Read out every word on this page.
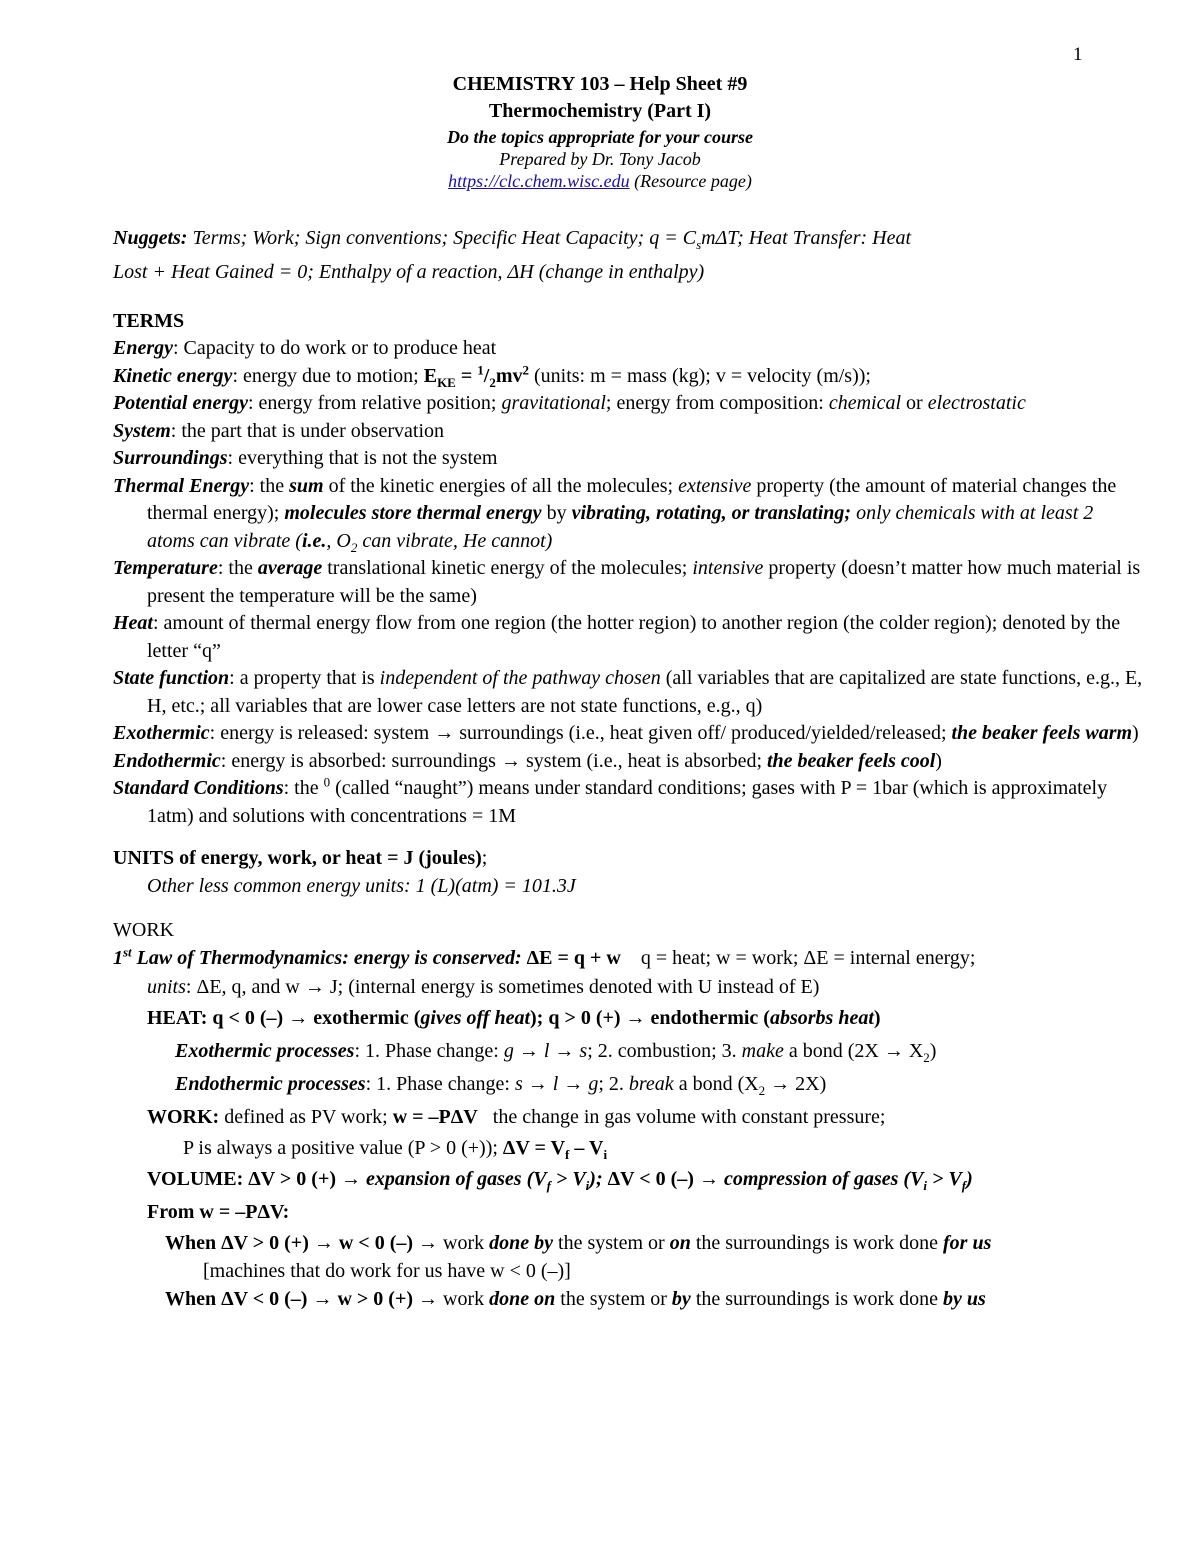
1
CHEMISTRY 103 – Help Sheet #9
Thermochemistry (Part I)
Do the topics appropriate for your course
Prepared by Dr. Tony Jacob
https://clc.chem.wisc.edu (Resource page)
Nuggets: Terms; Work; Sign conventions; Specific Heat Capacity; $q = C_sm\Delta T$; Heat Transfer: Heat
Lost + Heat Gained = 0; Enthalpy of a reaction, ΔH (change in enthalpy)
TERMS
Energy: Capacity to do work or to produce heat
Kinetic energy: energy due to motion; $E_{KE} = ^1/_2mv^2$ (units: m = mass (kg); v = velocity (m/s));
Potential energy: energy from relative position; gravitational; energy from composition: chemical or electrostatic
System: the part that is under observation
Surroundings: everything that is not the system
Thermal Energy: the sum of the kinetic energies of all the molecules; extensive property (the amount of material changes the thermal energy); molecules store thermal energy by vibrating, rotating, or translating; only chemicals with at least 2 atoms can vibrate (i.e., $O_2$ can vibrate, He cannot)
Temperature: the average translational kinetic energy of the molecules; intensive property (doesn’t matter how much material is present the temperature will be the same)
Heat: amount of thermal energy flow from one region (the hotter region) to another region (the colder region); denoted by the letter “q”
State function: a property that is independent of the pathway chosen (all variables that are capitalized are state functions, e.g., E, H, etc.; all variables that are lower case letters are not state functions, e.g., q)
Exothermic: energy is released: system → surroundings (i.e., heat given off/ produced/yielded/released; the beaker feels warm)
Endothermic: energy is absorbed: surroundings → system (i.e., heat is absorbed; the beaker feels cool)
Standard Conditions: the $^0$ (called “naught”) means under standard conditions; gases with P = 1bar (which is approximately 1atm) and solutions with concentrations = 1M
UNITS of energy, work, or heat = J (joules);

Other less common energy units: 1 (L)(atm) = 101.3J
WORK
1st Law of Thermodynamics: energy is conserved: ΔE = q + w    q = heat; w = work; ΔE = internal energy;
units: ΔE, q, and w → J; (internal energy is sometimes denoted with U instead of E)
HEAT: q < 0 (–) → exothermic (gives off heat); q > 0 (+) → endothermic (absorbs heat)
Exothermic processes: 1. Phase change: g → l → s; 2. combustion; 3. make a bond $(2X \to X_2)$
Endothermic processes: 1. Phase change: s → l → g; 2. break a bond $(X_2 \to 2X)$
WORK: defined as PV work; w = –PΔV   the change in gas volume with constant pressure;
P is always a positive value (P > 0 (+)); $\Delta V = V_f - V_i$
VOLUME: ΔV > 0 (+) → expansion of gases $(V_f > V_i)$; ΔV < 0 (–) → compression of gases $(V_i > V_f)$
From w = –PΔV:
When ΔV > 0 (+) → w < 0 (–) → work done by the system or on the surroundings is work done for us
[machines that do work for us have w < 0 (–)]
When ΔV < 0 (–) → w > 0 (+) → work done on the system or by the surroundings is work done by us
